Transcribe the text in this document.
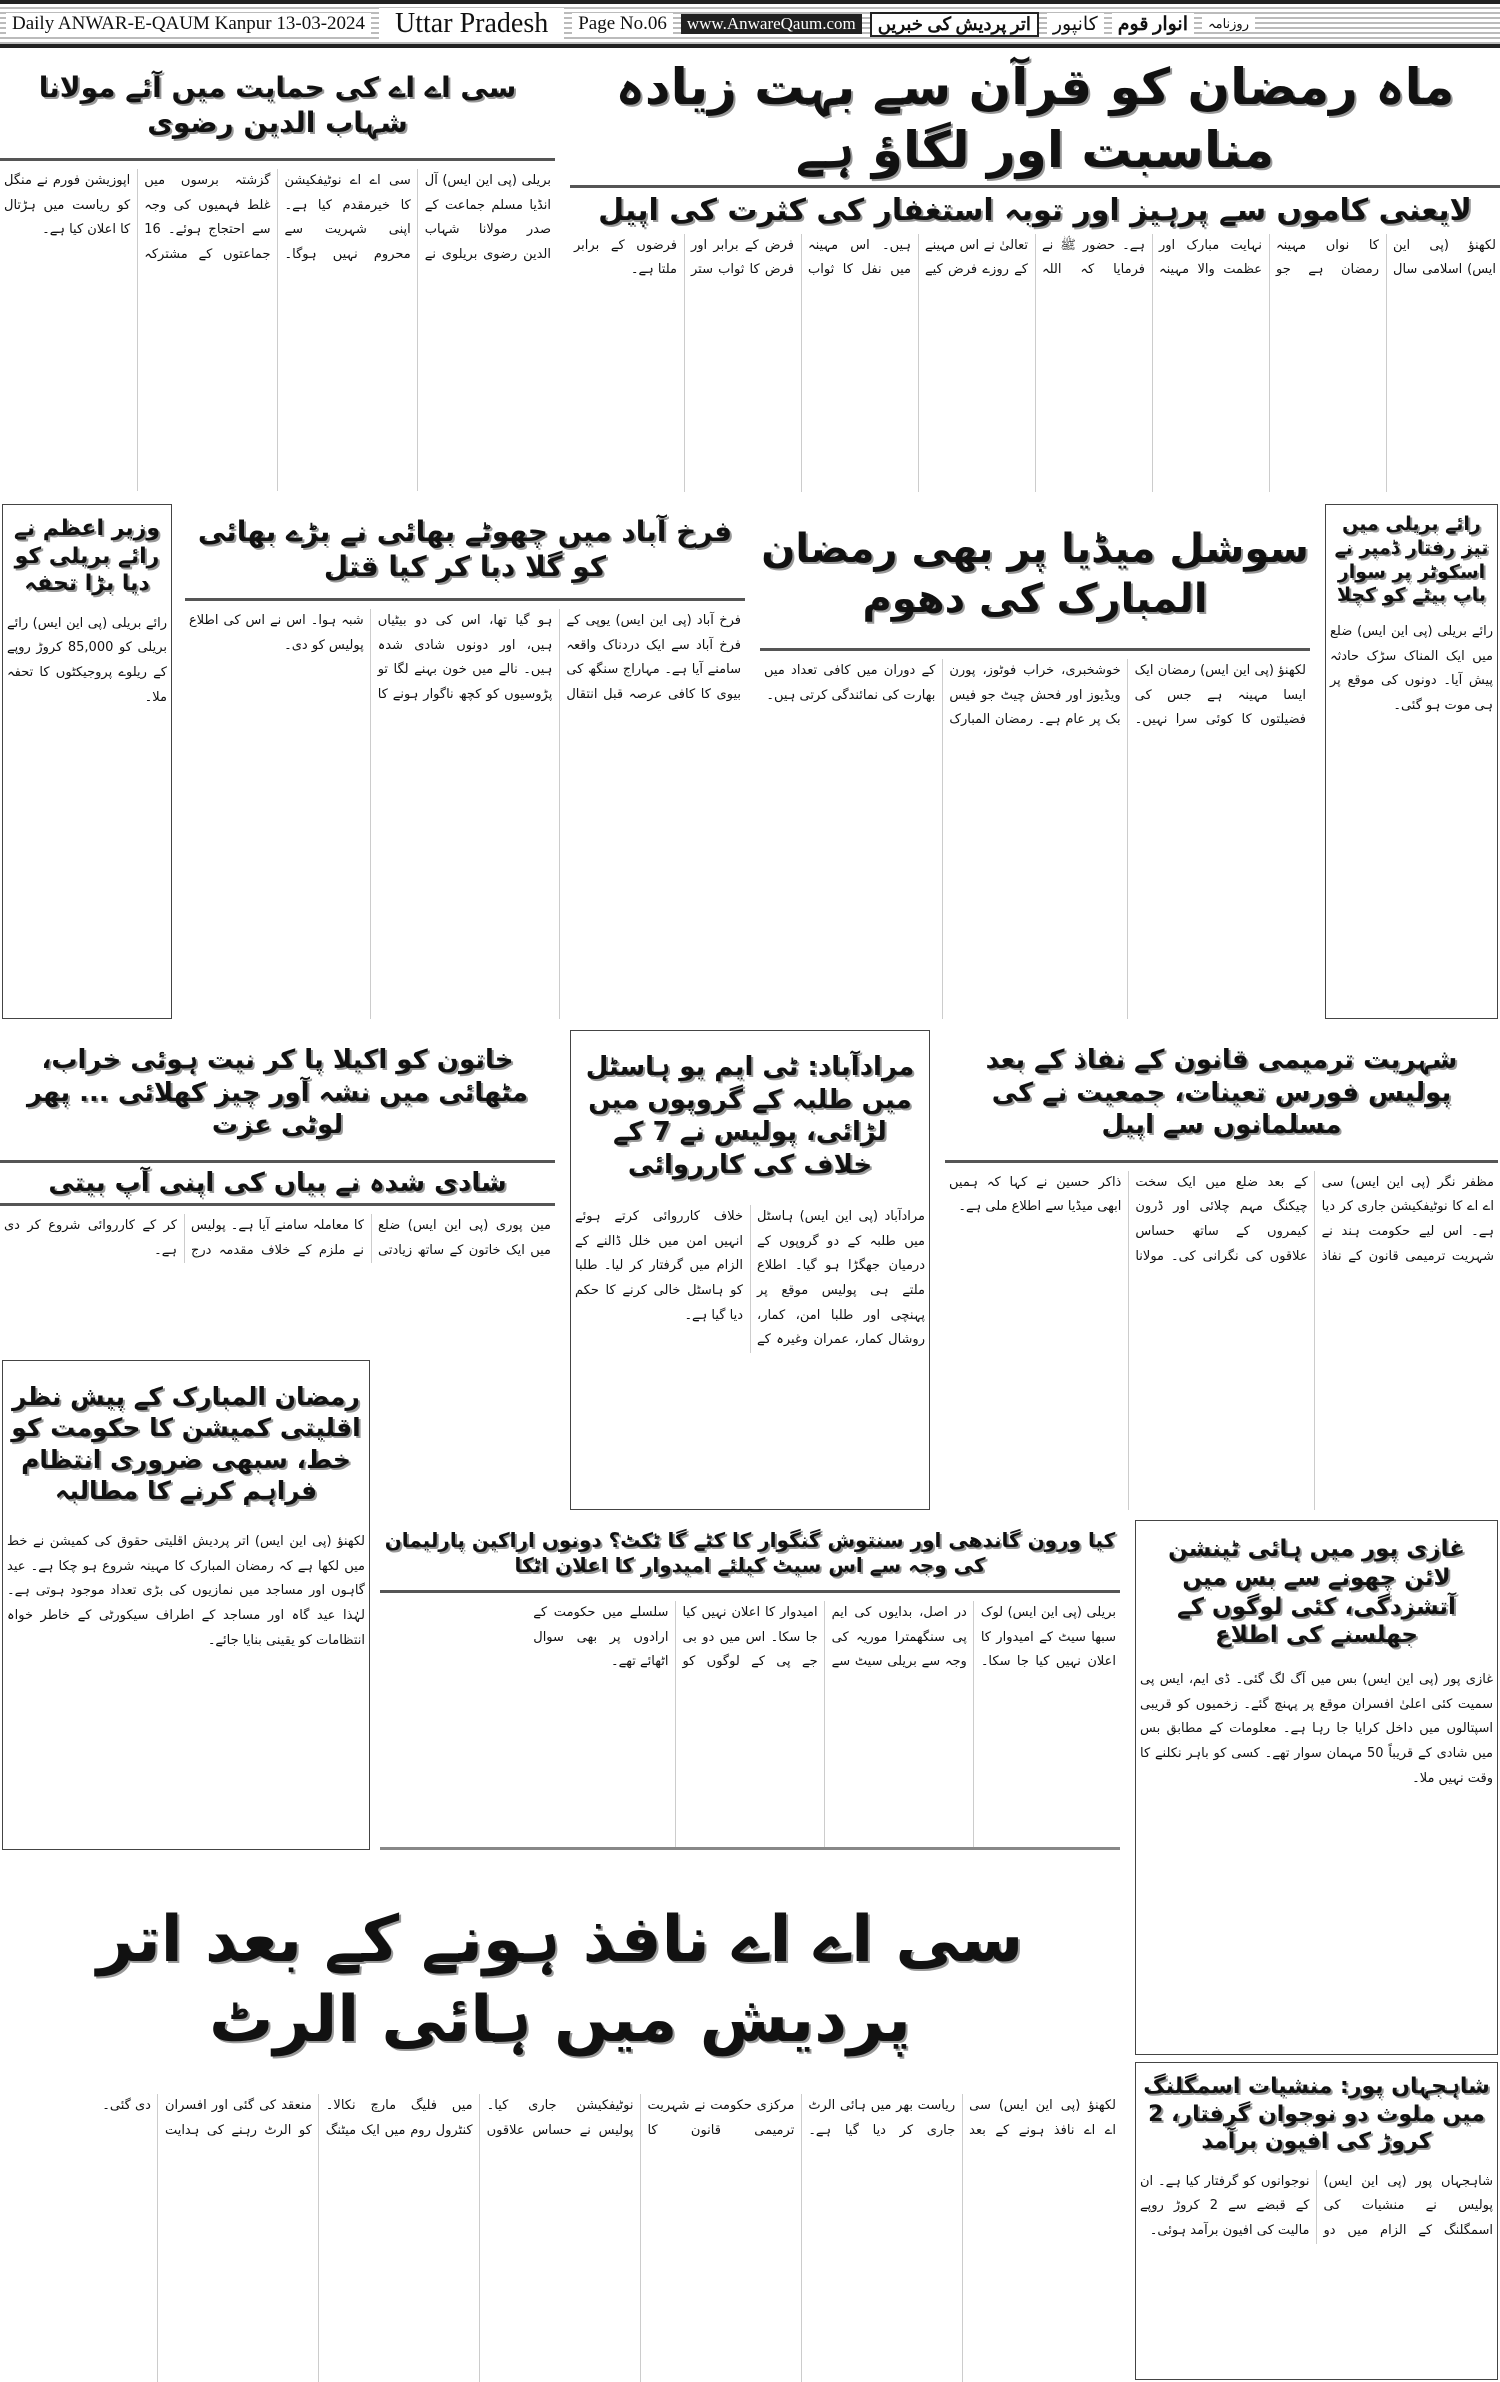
Daily ANWAR-E-QAUM Kanpur 13-03-2024	Uttar Pradesh	Page No.06	www.AnwareQaum.com	اتر پردیش کی خبریں	کانپور	انوار قوم	روزنامہ
ماہ رمضان کو قرآن سے بہت زیادہ مناسبت اور لگاؤ ہے
لایعنی کاموں سے پرہیز اور توبہ استغفار کی کثرت کی اپیل
لکھنؤ (پی این ایس) اسلامی سال کا نواں مہینہ رمضان ہے جو نہایت مبارک اور عظمت والا مہینہ ہے۔ حضور ﷺ نے فرمایا کہ اللہ تعالیٰ نے اس مہینے کے روزے فرض کیے ہیں۔ اس مہینہ میں نفل کا ثواب فرض کے برابر اور فرض کا ثواب ستر فرضوں کے برابر ملتا ہے۔
سی اے اے کی حمایت میں آئے مولانا شہاب الدین رضوی
بریلی (پی این ایس) آل انڈیا مسلم جماعت کے صدر مولانا شہاب الدین رضوی بریلوی نے سی اے اے نوٹیفکیشن کا خیرمقدم کیا ہے۔ اپنی شہریت سے محروم نہیں ہوگا۔ گزشتہ برسوں میں غلط فہمیوں کی وجہ سے احتجاج ہوئے۔ 16 جماعتوں کے مشترکہ اپوزیشن فورم نے منگل کو ریاست میں ہڑتال کا اعلان کیا ہے۔
وزیر اعظم نے رائے بریلی کو دیا بڑا تحفہ
رائے بریلی (پی این ایس) رائے بریلی کو 85,000 کروڑ روپے کے ریلوے پروجیکٹوں کا تحفہ ملا۔
فرخ آباد میں چھوٹے بھائی نے بڑے بھائی کو گلا دبا کر کیا قتل
فرخ آباد (پی این ایس) یوپی کے فرخ آباد سے ایک دردناک واقعہ سامنے آیا ہے۔ مہاراج سنگھ کی بیوی کا کافی عرصہ قبل انتقال ہو گیا تھا، اس کی دو بیٹیاں ہیں، اور دونوں شادی شدہ ہیں۔ نالے میں خون بہنے لگا تو پڑوسیوں کو کچھ ناگوار ہونے کا شبہ ہوا۔ اس نے اس کی اطلاع پولیس کو دی۔
سوشل میڈیا پر بھی رمضان المبارک کی دھوم
لکھنؤ (پی این ایس) رمضان ایک ایسا مہینہ ہے جس کی فضیلتوں کا کوئی سرا نہیں۔ خوشخبری، خراب فوٹوز، پورن ویڈیوز اور فحش چیٹ جو فیس بک پر عام ہے۔ رمضان المبارک کے دوران میں کافی تعداد میں بھارت کی نمائندگی کرتی ہیں۔
رائے بریلی میں تیز رفتار ڈمپر نے اسکوٹر پر سوار باپ بیٹے کو کچلا
رائے بریلی (پی این ایس) ضلع میں ایک المناک سڑک حادثہ پیش آیا۔ دونوں کی موقع پر ہی موت ہو گئی۔
خاتون کو اکیلا پا کر نیت ہوئی خراب، مٹھائی میں نشہ آور چیز کھلائی ... پھر لوٹی عزت
شادی شدہ نے بیاں کی اپنی آپ بیتی
مین پوری (پی این ایس) ضلع میں ایک خاتون کے ساتھ زیادتی کا معاملہ سامنے آیا ہے۔ پولیس نے ملزم کے خلاف مقدمہ درج کر کے کارروائی شروع کر دی ہے۔
مرادآباد: ٹی ایم یو ہاسٹل میں طلبہ کے گروپوں میں لڑائی، پولیس نے 7 کے خلاف کی کارروائی
مرادآباد (پی این ایس) ہاسٹل میں طلبہ کے دو گروپوں کے درمیان جھگڑا ہو گیا۔ اطلاع ملتے ہی پولیس موقع پر پہنچی اور طلبا امن، کمار، روشال کمار، عمران وغیرہ کے خلاف کارروائی کرتے ہوئے انہیں امن میں خلل ڈالنے کے الزام میں گرفتار کر لیا۔ طلبا کو ہاسٹل خالی کرنے کا حکم دیا گیا ہے۔
شہریت ترمیمی قانون کے نفاذ کے بعد پولیس فورس تعینات، جمعیت نے کی مسلمانوں سے اپیل
مظفر نگر (پی این ایس) سی اے اے کا نوٹیفکیشن جاری کر دیا ہے۔ اس لیے حکومت ہند نے شہریت ترمیمی قانون کے نفاذ کے بعد ضلع میں ایک سخت چیکنگ مہم چلائی اور ڈرون کیمروں کے ساتھ حساس علاقوں کی نگرانی کی۔ مولانا ذاکر حسین نے کہا کہ ہمیں ابھی میڈیا سے اطلاع ملی ہے۔
رمضان المبارک کے پیش نظر اقلیتی کمیشن کا حکومت کو خط، سبھی ضروری انتظام فراہم کرنے کا مطالبہ
لکھنؤ (پی این ایس) اتر پردیش اقلیتی حقوق کی کمیشن نے خط میں لکھا ہے کہ رمضان المبارک کا مہینہ شروع ہو چکا ہے۔ عید گاہوں اور مساجد میں نمازیوں کی بڑی تعداد موجود ہوتی ہے۔ لہٰذا عید گاہ اور مساجد کے اطراف سیکورٹی کے خاطر خواہ انتظامات کو یقینی بنایا جائے۔
کیا ورون گاندھی اور سنتوش گنگوار کا کٹے گا ٹکٹ؟ دونوں اراکین پارلیمان کی وجہ سے اس سیٹ کیلئے امیدوار کا اعلان اٹکا
بریلی (پی این ایس) لوک سبھا سیٹ کے امیدوار کا اعلان نہیں کیا جا سکا۔ در اصل، بدایوں کی ایم پی سنگھمترا موریہ کی وجہ سے بریلی سیٹ سے امیدوار کا اعلان نہیں کیا جا سکا۔ اس میں دو بی جے پی کے لوگوں کو سلسلے میں حکومت کے ارادوں پر بھی سوال اٹھائے تھے۔
غازی پور میں ہائی ٹینشن لائن چھونے سے بس میں آتشزدگی، کئی لوگوں کے جھلسنے کی اطلاع
غازی پور (پی این ایس) بس میں آگ لگ گئی۔ ڈی ایم، ایس پی سمیت کئی اعلیٰ افسران موقع پر پہنچ گئے۔ زخمیوں کو قریبی اسپتالوں میں داخل کرایا جا رہا ہے۔ معلومات کے مطابق بس میں شادی کے قریباً 50 مہمان سوار تھے۔ کسی کو باہر نکلنے کا وقت نہیں ملا۔
سی اے اے نافذ ہونے کے بعد اتر پردیش میں ہائی الرٹ
لکھنؤ (پی این ایس) سی اے اے نافذ ہونے کے بعد ریاست بھر میں ہائی الرٹ جاری کر دیا گیا ہے۔ مرکزی حکومت نے شہریت ترمیمی قانون کا نوٹیفکیشن جاری کیا۔ پولیس نے حساس علاقوں میں فلیگ مارچ نکالا۔ کنٹرول روم میں ایک میٹنگ منعقد کی گئی اور افسران کو الرٹ رہنے کی ہدایت دی گئی۔
شاہجہاں پور: منشیات اسمگلنگ میں ملوث دو نوجوان گرفتار، 2 کروڑ کی افیون برآمد
شاہجہاں پور (پی این ایس) پولیس نے منشیات کی اسمگلنگ کے الزام میں دو نوجوانوں کو گرفتار کیا ہے۔ ان کے قبضے سے 2 کروڑ روپے مالیت کی افیون برآمد ہوئی۔
